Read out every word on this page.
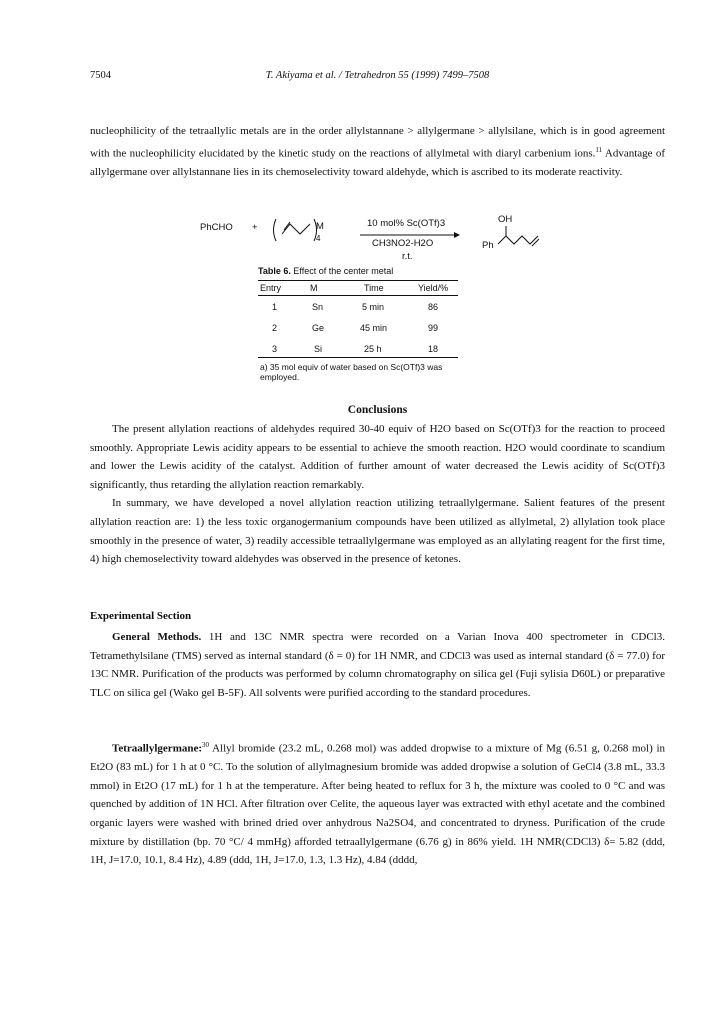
7504	T. Akiyama et al. / Tetrahedron 55 (1999) 7499–7508
nucleophilicity of the tetraallylic metals are in the order allylstannane > allylgermane > allylsilane, which is in good agreement with the nucleophilicity elucidated by the kinetic study on the reactions of allylmetal with diaryl carbenium ions.$^{11}$ Advantage of allylgermane over allylstannane lies in its chemoselectivity toward aldehyde, which is ascribed to its moderate reactivity.
PhCHO +	M
4
10 mol% Sc(OTf)3
CH3NO2-H2O
r.t.
OH
Ph
Table 6. Effect of the center metal
Entry	M	Time	Yield/%
1	Sn	5 min	86
2	Ge	45 min	99
3	Si	25 h	18
a) 35 mol equiv of water based on Sc(OTf)3 was employed.
Conclusions

The present allylation reactions of aldehydes required 30-40 equiv of H2O based on Sc(OTf)3 for the reaction to proceed smoothly. Appropriate Lewis acidity appears to be essential to achieve the smooth reaction. H2O would coordinate to scandium and lower the Lewis acidity of the catalyst. Addition of further amount of water decreased the Lewis acidity of Sc(OTf)3 significantly, thus retarding the allylation reaction remarkably.

In summary, we have developed a novel allylation reaction utilizing tetraallylgermane. Salient features of the present allylation reaction are: 1) the less toxic organogermanium compounds have been utilized as allylmetal, 2) allylation took place smoothly in the presence of water, 3) readily accessible tetraallylgermane was employed as an allylating reagent for the first time, 4) high chemoselectivity toward aldehydes was observed in the presence of ketones.

Experimental Section

General Methods. 1H and 13C NMR spectra were recorded on a Varian Inova 400 spectrometer in CDCl3. Tetramethylsilane (TMS) served as internal standard (δ = 0) for 1H NMR, and CDCl3 was used as internal standard (δ = 77.0) for 13C NMR. Purification of the products was performed by column chromatography on silica gel (Fuji sylisia D60L) or preparative TLC on silica gel (Wako gel B-5F). All solvents were purified according to the standard procedures.

Tetraallylgermane:$^{30}$ Allyl bromide (23.2 mL, 0.268 mol) was added dropwise to a mixture of Mg (6.51 g, 0.268 mol) in Et2O (83 mL) for 1 h at 0 °C. To the solution of allylmagnesium bromide was added dropwise a solution of GeCl4 (3.8 mL, 33.3 mmol) in Et2O (17 mL) for 1 h at the temperature. After being heated to reflux for 3 h, the mixture was cooled to 0 °C and was quenched by addition of 1N HCl. After filtration over Celite, the aqueous layer was extracted with ethyl acetate and the combined organic layers were washed with brined dried over anhydrous Na2SO4, and concentrated to dryness. Purification of the crude mixture by distillation (bp. 70 °C/ 4 mmHg) afforded tetraallylgermane (6.76 g) in 86% yield. 1H NMR(CDCl3) δ= 5.82 (ddd, 1H, J=17.0, 10.1, 8.4 Hz), 4.89 (ddd, 1H, J=17.0, 1.3, 1.3 Hz), 4.84 (dddd,
